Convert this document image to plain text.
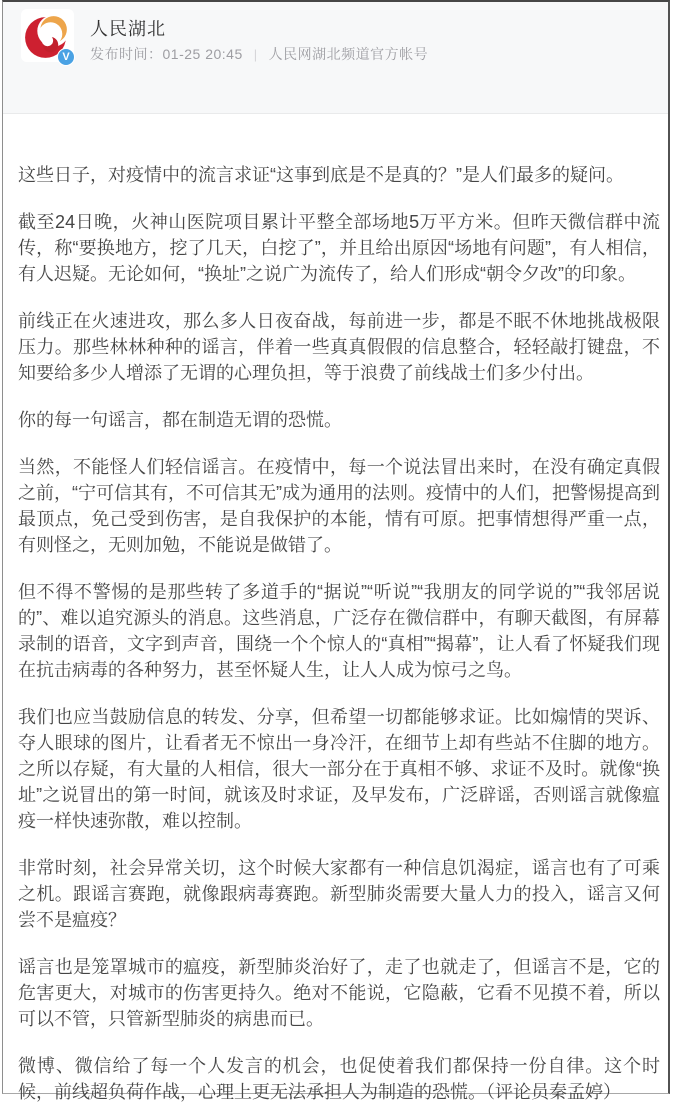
V
人民湖北
发布时间：01-25 20:45 | 人民网湖北频道官方帐号

这些日子，对疫情中的流言求证“这事到底是不是真的？”是人们最多的疑问。

截至24日晚，火神山医院项目累计平整全部场地5万平方米。但昨天微信群中流传，称“要换地方，挖了几天，白挖了”，并且给出原因“场地有问题”，有人相信，有人迟疑。无论如何，“换址”之说广为流传了，给人们形成“朝令夕改”的印象。

前线正在火速进攻，那么多人日夜奋战，每前进一步，都是不眠不休地挑战极限压力。那些林林种种的谣言，伴着一些真真假假的信息整合，轻轻敲打键盘，不知要给多少人增添了无谓的心理负担，等于浪费了前线战士们多少付出。

你的每一句谣言，都在制造无谓的恐慌。

当然，不能怪人们轻信谣言。在疫情中，每一个说法冒出来时，在没有确定真假之前，“宁可信其有，不可信其无”成为通用的法则。疫情中的人们，把警惕提高到最顶点，免己受到伤害，是自我保护的本能，情有可原。把事情想得严重一点，有则怪之，无则加勉，不能说是做错了。

但不得不警惕的是那些转了多道手的“据说”“听说”“我朋友的同学说的”“我邻居说的”、难以追究源头的消息。这些消息，广泛存在微信群中，有聊天截图，有屏幕录制的语音，文字到声音，围绕一个个惊人的“真相”“揭幕”，让人看了怀疑我们现在抗击病毒的各种努力，甚至怀疑人生，让人人成为惊弓之鸟。

我们也应当鼓励信息的转发、分享，但希望一切都能够求证。比如煽情的哭诉、夺人眼球的图片，让看者无不惊出一身冷汗，在细节上却有些站不住脚的地方。之所以存疑，有大量的人相信，很大一部分在于真相不够、求证不及时。就像“换址”之说冒出的第一时间，就该及时求证，及早发布，广泛辟谣，否则谣言就像瘟疫一样快速弥散，难以控制。

非常时刻，社会异常关切，这个时候大家都有一种信息饥渴症，谣言也有了可乘之机。跟谣言赛跑，就像跟病毒赛跑。新型肺炎需要大量人力的投入，谣言又何尝不是瘟疫？

谣言也是笼罩城市的瘟疫，新型肺炎治好了，走了也就走了，但谣言不是，它的危害更大，对城市的伤害更持久。绝对不能说，它隐蔽，它看不见摸不着，所以可以不管，只管新型肺炎的病患而已。

微博、微信给了每一个人发言的机会，也促使着我们都保持一份自律。这个时候，前线超负荷作战，心理上更无法承担人为制造的恐慌。（评论员秦孟婷）
